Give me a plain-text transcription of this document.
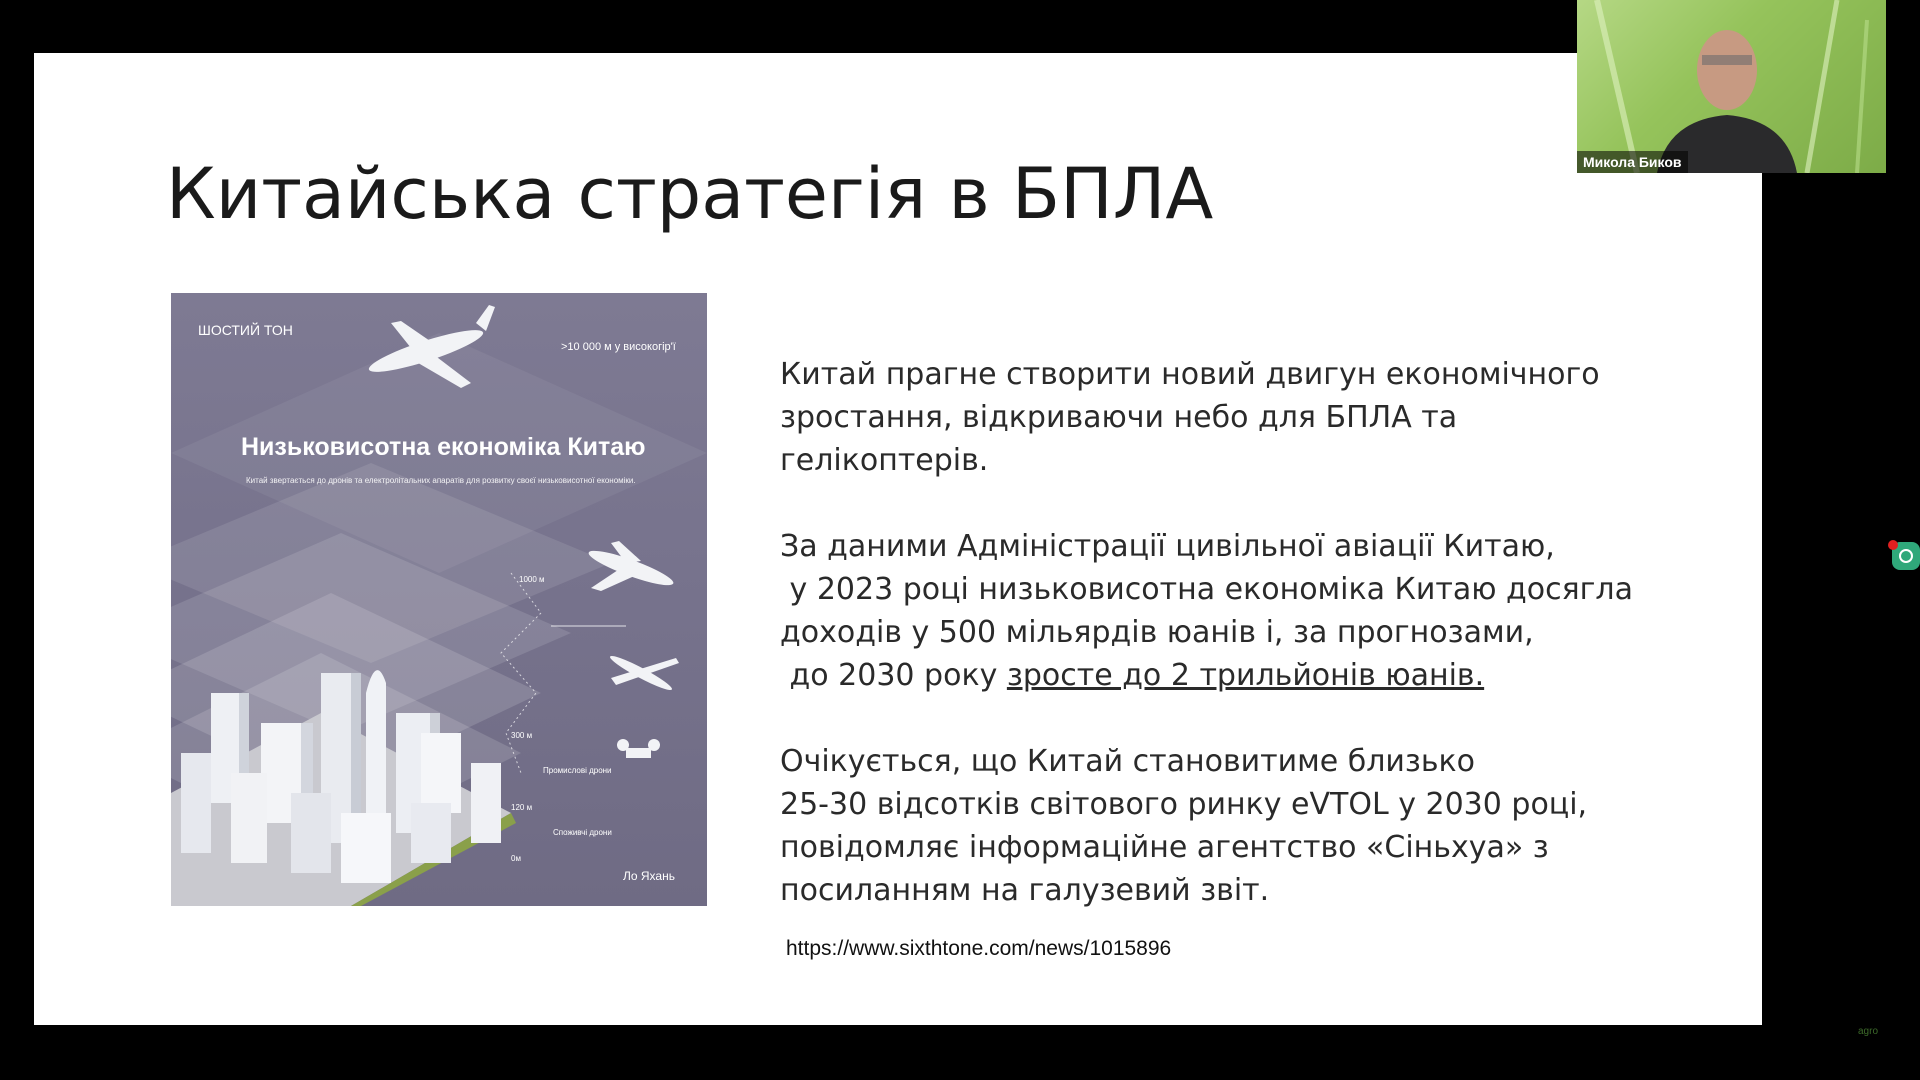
Китайська стратегія в БПЛА
ШОСТИЙ ТОН
>10 000 м у високогір'ї
Низьковисотна економіка Китаю
Китай звертається до дронів та електролітальних апаратів для розвитку своєї низьковисотної економіки.
1000 м
300 м
Промислові дрони
120 м
Споживчі дрони
0м
Ло Яхань
Китай прагне створити новий двигун економічного
зростання, відкриваючи небо для БПЛА та
гелікоптерів.
За даними Адміністрації цивільної авіації Китаю,
у 2023 році низьковисотна економіка Китаю досягла
доходів у 500 мільярдів юанів і, за прогнозами,
до 2030 року зросте до 2 трильйонів юанів.
Очікується, що Китай становитиме близько
25-30 відсотків світового ринку eVTOL у 2030 році,
повідомляє інформаційне агентство «Сіньхуа» з
посиланням на галузевий звіт.
https://www.sixthtone.com/news/1015896
Микола Биков
agro
